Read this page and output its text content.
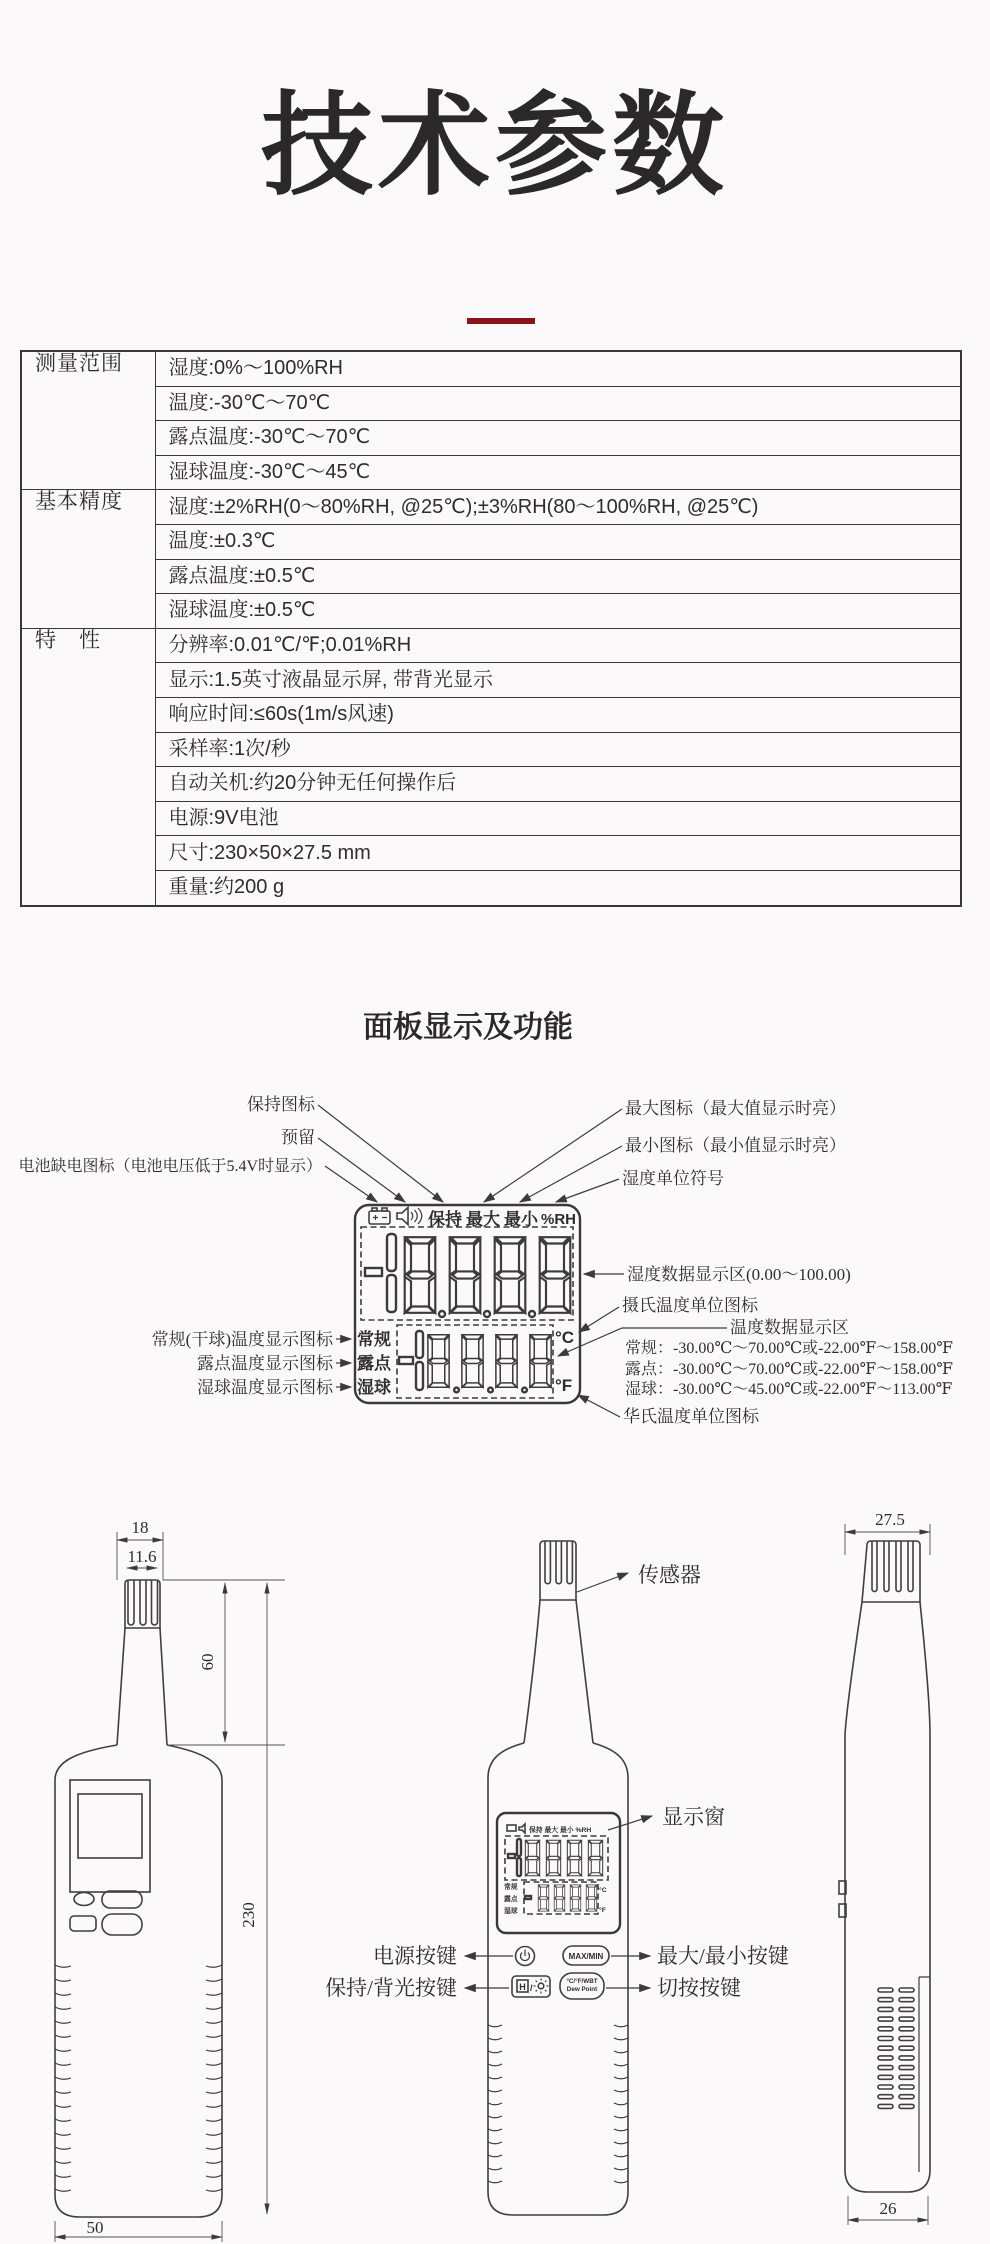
技术参数
测量范围	湿度:0%～100%RH
	温度:-30℃～70℃
	露点温度:-30℃～70℃
	湿球温度:-30℃～45℃
基本精度	湿度:±2%RH(0～80%RH, @25℃);±3%RH(80～100%RH, @25℃)
	温度:±0.3℃
	露点温度:±0.5℃
	湿球温度:±0.5℃
特　性	分辨率:0.01℃/℉;0.01%RH
	显示:1.5英寸液晶显示屏, 带背光显示
	响应时间:≤60s(1m/s风速)
	采样率:1次/秒
	自动关机:约20分钟无任何操作后
	电源:9V电池
	尺寸:230×50×27.5 mm
	重量:约200 g
面板显示及功能
保持 最大 最小 %RH
常规
露点
湿球
°C
°F
保持图标
预留
电池缺电图标（电池电压低于5.4V时显示）
最大图标（最大值显示时亮）
最小图标（最小值显示时亮）
湿度单位符号
湿度数据显示区(0.00～100.00)
摄氏温度单位图标
温度数据显示区
常规：-30.00℃～70.00℃或-22.00℉～158.00℉
露点：-30.00℃～70.00℃或-22.00℉～158.00℉
湿球：-30.00℃～45.00℃或-22.00℉～113.00℉
华氏温度单位图标
常规(干球)温度显示图标
露点温度显示图标
湿球温度显示图标
18
11.6
50
60
230
保持 最大 最小 %RH
常规
露点
湿球
°C
°F
MAX/MIN
H /
°C/°F/WBT
Dew Point
传感器
显示窗
电源按键
保持/背光按键
最大/最小按键
切按按键
27.5
26
